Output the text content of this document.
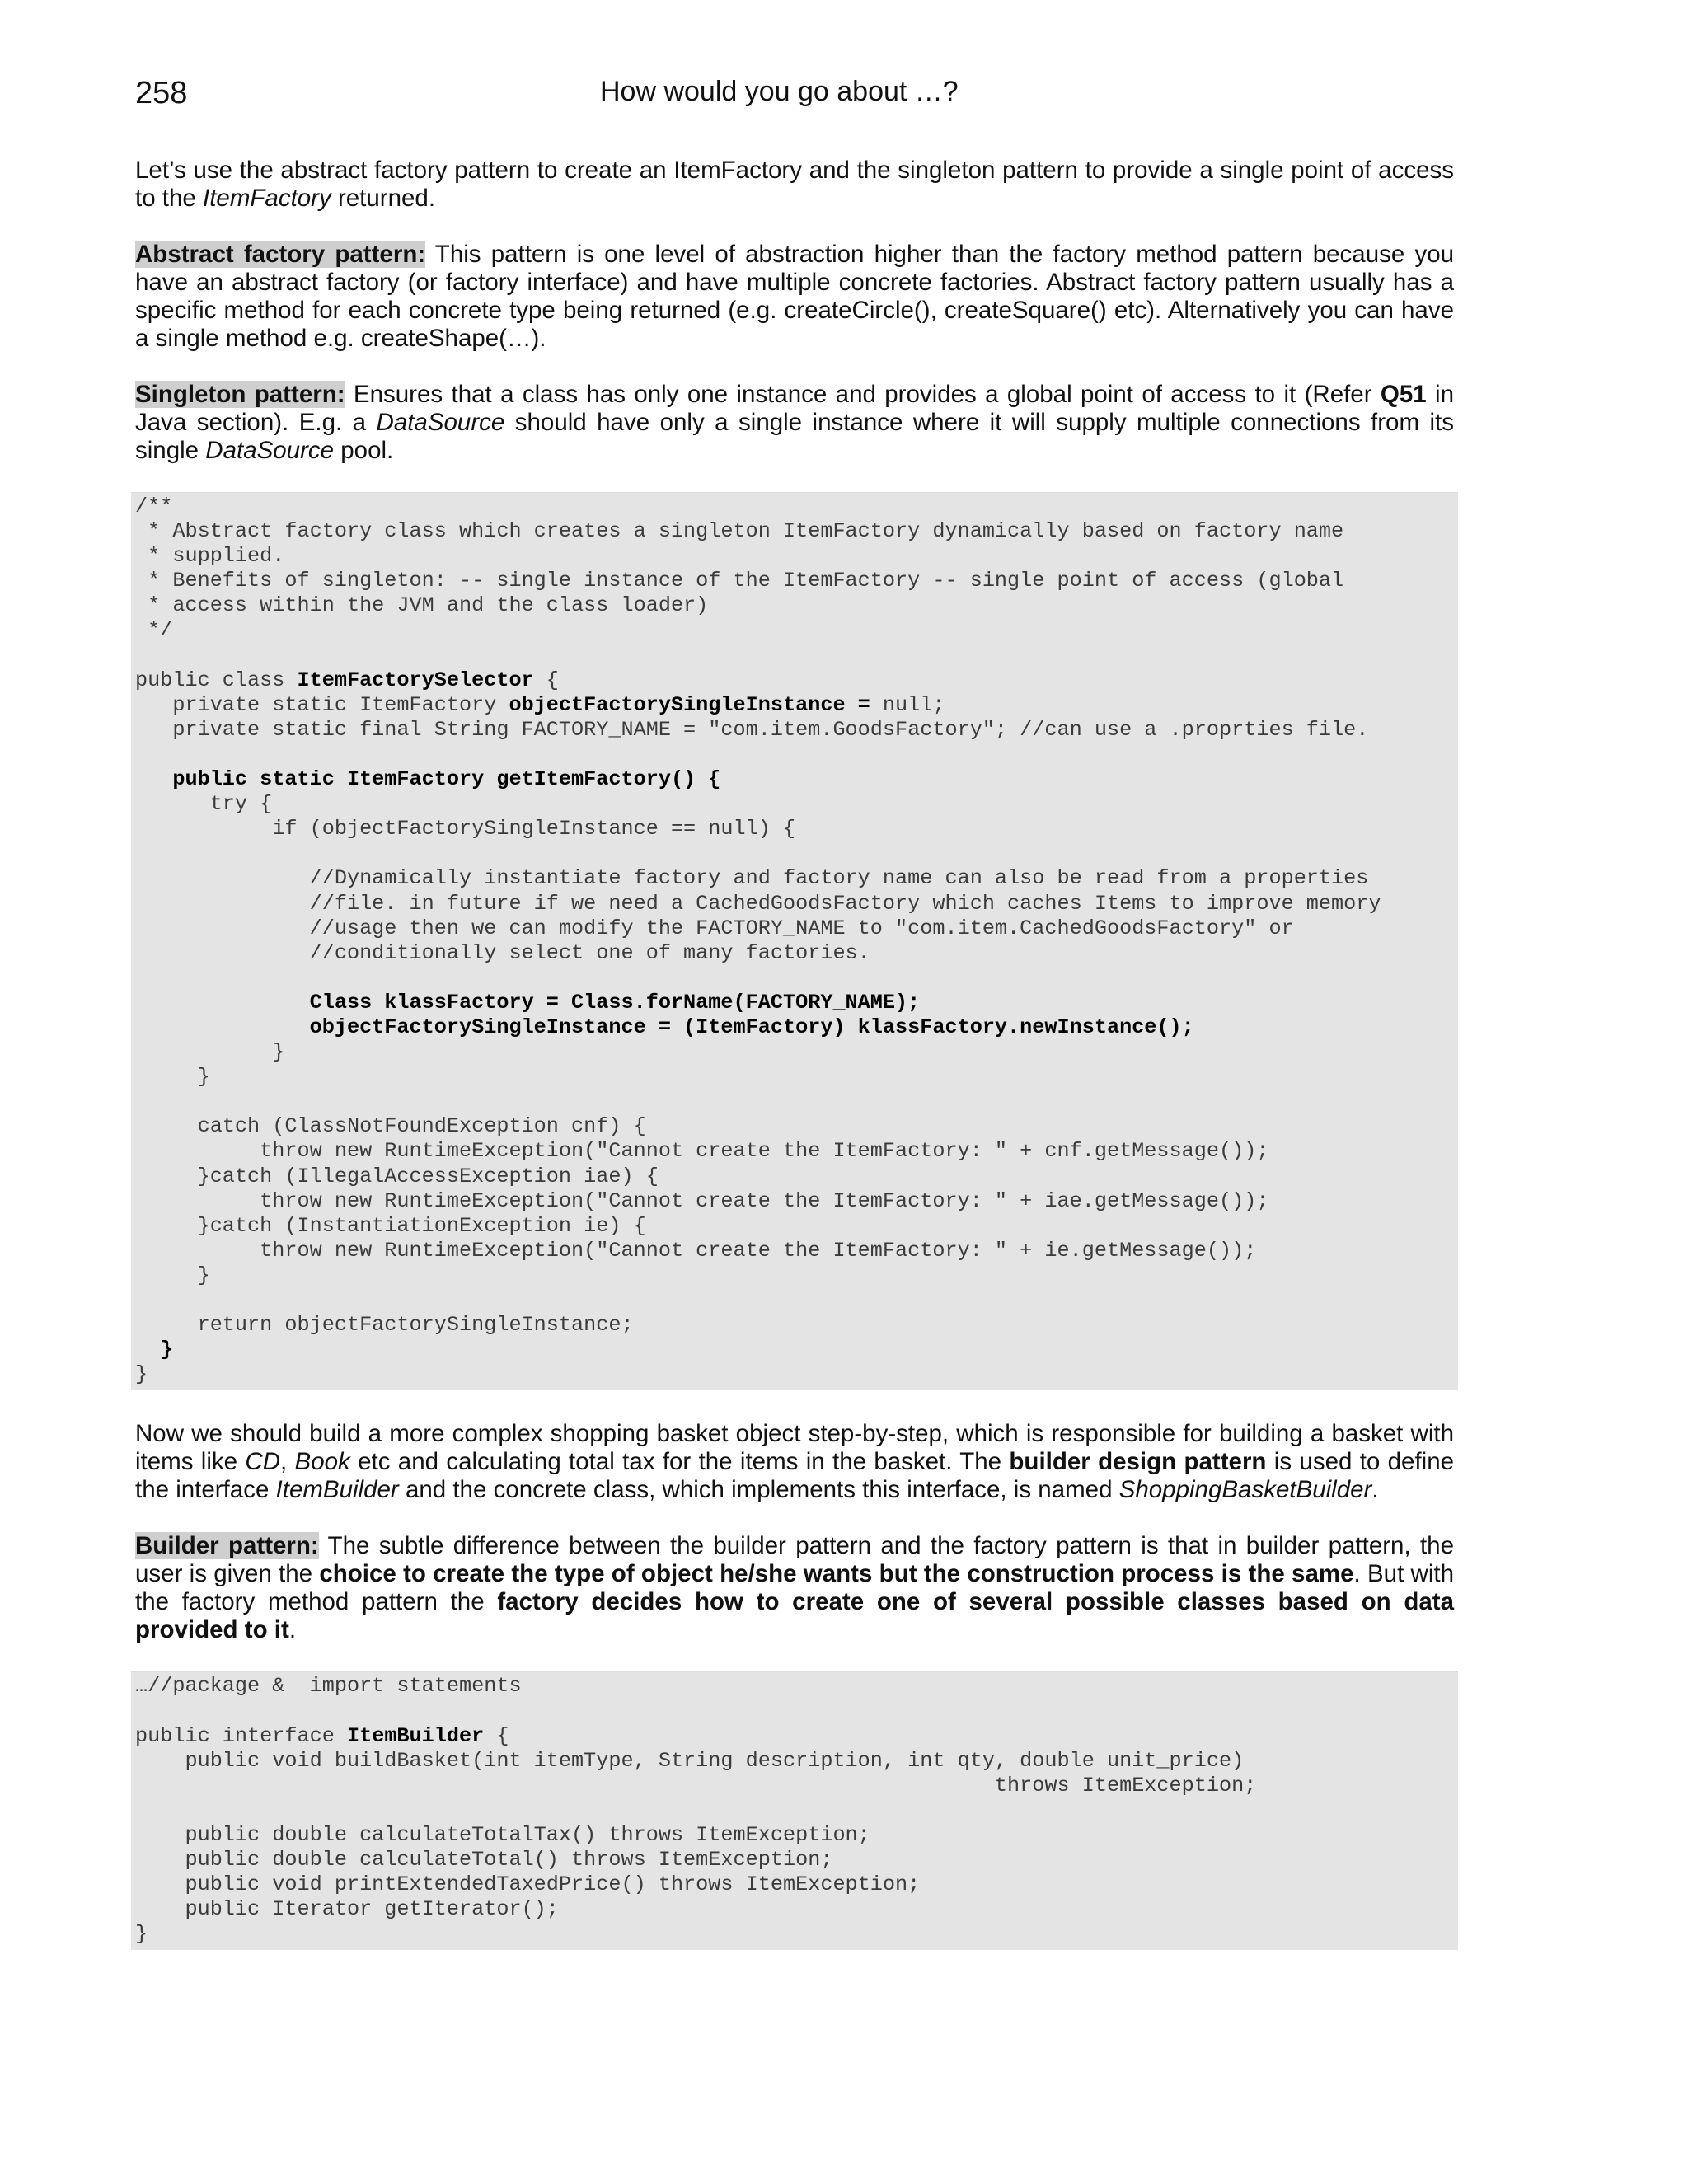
258	How would you go about …?

Let’s use the abstract factory pattern to create an ItemFactory and the singleton pattern to provide a single point of access to the ItemFactory returned.

Abstract factory pattern: This pattern is one level of abstraction higher than the factory method pattern because you have an abstract factory (or factory interface) and have multiple concrete factories. Abstract factory pattern usually has a specific method for each concrete type being returned (e.g. createCircle(), createSquare() etc). Alternatively you can have a single method e.g. createShape(…).

Singleton pattern: Ensures that a class has only one instance and provides a global point of access to it (Refer Q51 in Java section). E.g. a DataSource should have only a single instance where it will supply multiple connections from its single DataSource pool.

/**
* Abstract factory class which creates a singleton ItemFactory dynamically based on factory name
* supplied.
* Benefits of singleton: -- single instance of the ItemFactory -- single point of access (global
* access within the JVM and the class loader)
*/

public class ItemFactorySelector {
private static ItemFactory objectFactorySingleInstance = null;
private static final String FACTORY_NAME = "com.item.GoodsFactory"; //can use a .proprties file.

public static ItemFactory getItemFactory() {
try {
if (objectFactorySingleInstance == null) {

//Dynamically instantiate factory and factory name can also be read from a properties
//file. in future if we need a CachedGoodsFactory which caches Items to improve memory
//usage then we can modify the FACTORY_NAME to "com.item.CachedGoodsFactory" or
//conditionally select one of many factories.

Class klassFactory = Class.forName(FACTORY_NAME);
objectFactorySingleInstance = (ItemFactory) klassFactory.newInstance();
}
}

catch (ClassNotFoundException cnf) {
throw new RuntimeException("Cannot create the ItemFactory: " + cnf.getMessage());
}catch (IllegalAccessException iae) {
throw new RuntimeException("Cannot create the ItemFactory: " + iae.getMessage());
}catch (InstantiationException ie) {
throw new RuntimeException("Cannot create the ItemFactory: " + ie.getMessage());
}

return objectFactorySingleInstance;
}
}

Now we should build a more complex shopping basket object step-by-step, which is responsible for building a basket with items like CD, Book etc and calculating total tax for the items in the basket. The builder design pattern is used to define the interface ItemBuilder and the concrete class, which implements this interface, is named ShoppingBasketBuilder.

Builder pattern: The subtle difference between the builder pattern and the factory pattern is that in builder pattern, the user is given the choice to create the type of object he/she wants but the construction process is the same. But with the factory method pattern the factory decides how to create one of several possible classes based on data provided to it.

…//package &  import statements

public interface ItemBuilder {
public void buildBasket(int itemType, String description, int qty, double unit_price)
throws ItemException;

public double calculateTotalTax() throws ItemException;
public double calculateTotal() throws ItemException;
public void printExtendedTaxedPrice() throws ItemException;
public Iterator getIterator();
}
